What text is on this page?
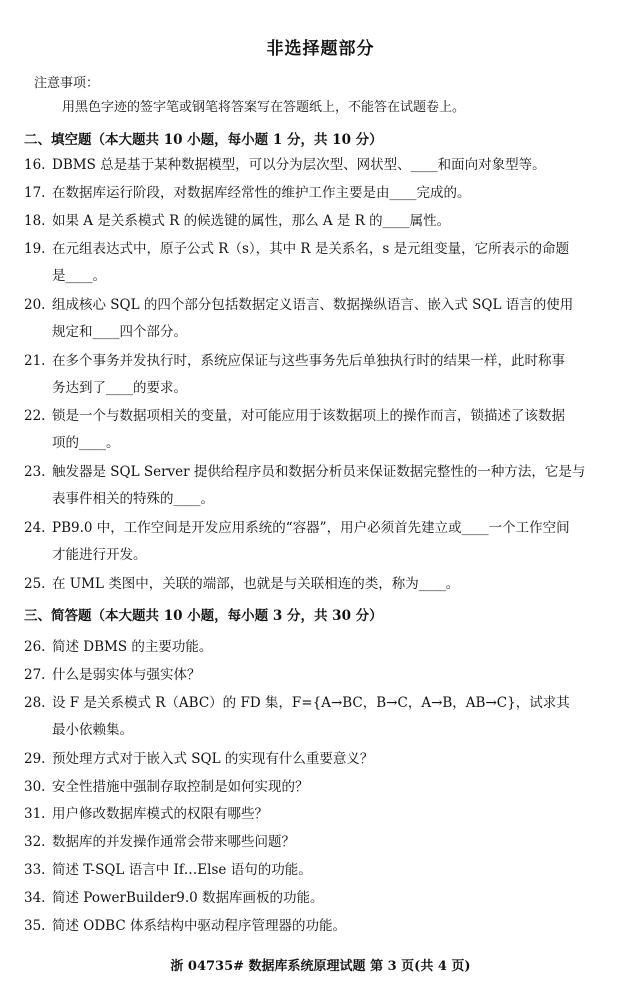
非选择题部分
注意事项：
用黑色字迹的签字笔或钢笔将答案写在答题纸上，不能答在试题卷上。
二、填空题（本大题共 10 小题，每小题 1 分，共 10 分）
16. DBMS 总是基于某种数据模型，可以分为层次型、网状型、____和面向对象型等。
17. 在数据库运行阶段，对数据库经常性的维护工作主要是由____完成的。
18. 如果 A 是关系模式 R 的候选键的属性，那么 A 是 R 的____属性。
19. 在元组表达式中，原子公式 R（s），其中 R 是关系名，s 是元组变量，它所表示的命题
是____。
20. 组成核心 SQL 的四个部分包括数据定义语言、数据操纵语言、嵌入式 SQL 语言的使用
规定和____四个部分。
21. 在多个事务并发执行时，系统应保证与这些事务先后单独执行时的结果一样，此时称事
务达到了____的要求。
22. 锁是一个与数据项相关的变量，对可能应用于该数据项上的操作而言，锁描述了该数据
项的____。
23. 触发器是 SQL Server 提供给程序员和数据分析员来保证数据完整性的一种方法，它是与
表事件相关的特殊的____。
24. PB9.0 中，工作空间是开发应用系统的“容器”，用户必须首先建立或____一个工作空间
才能进行开发。
25. 在 UML 类图中，关联的端部，也就是与关联相连的类，称为____。
三、简答题（本大题共 10 小题，每小题 3 分，共 30 分）
26. 简述 DBMS 的主要功能。
27. 什么是弱实体与强实体？
28. 设 F 是关系模式 R（ABC）的 FD 集，F={A→BC，B→C，A→B，AB→C}，试求其
最小依赖集。
29. 预处理方式对于嵌入式 SQL 的实现有什么重要意义？
30. 安全性措施中强制存取控制是如何实现的？
31. 用户修改数据库模式的权限有哪些？
32. 数据库的并发操作通常会带来哪些问题？
33. 简述 T-SQL 语言中 If…Else 语句的功能。
34. 简述 PowerBuilder9.0 数据库画板的功能。
35. 简述 ODBC 体系结构中驱动程序管理器的功能。
浙 04735# 数据库系统原理试题 第 3 页(共 4 页)
